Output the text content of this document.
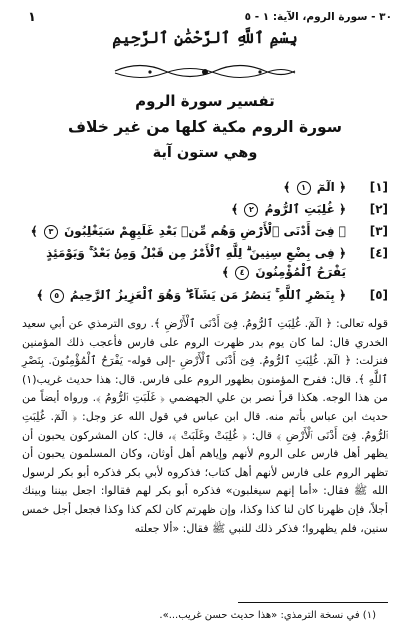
١	٣٠ - سورة الروم، الآية: ١ - ٥
بِسْمِ ٱللَّهِ ٱلرَّحْمَٰنِ ٱلرَّحِيمِ
تفسير سورة الروم
سورة الروم مكية كلها من غير خلاف
وهي ستون آية
[١]
﴿ الٓمٓ ١ ﴾
[٢]
﴿ غُلِبَتِ ٱلرُّومُ ٢ ﴾
[٣]
﴿ فِىٓ أَدْنَى ٱلْأَرْضِ وَهُم مِّنۢ بَعْدِ غَلَبِهِمْ سَيَغْلِبُونَ ٣ ﴾
[٤]
﴿ فِى بِضْعِ سِنِينَ ۗ لِلَّهِ ٱلْأَمْرُ مِن قَبْلُ وَمِنۢ بَعْدُ ۚ وَيَوْمَئِذٍ يَفْرَحُ ٱلْمُؤْمِنُونَ ٤ ﴾
[٥]
﴿ بِنَصْرِ ٱللَّهِ ۚ يَنصُرُ مَن يَشَآءُ ۖ وَهُوَ ٱلْعَزِيزُ ٱلرَّحِيمُ ٥ ﴾

قوله تعالى: ﴿ الٓمٓ. غُلِبَتِ ٱلرُّومُ. فِىٓ أَدْنَى ٱلْأَرْضِ ﴾. روى الترمذي عن أبي سعيد الخدري قال: لما كان يوم بدر ظهرت الروم على فارس فأعجب ذلك المؤمنين فنزلت: ﴿ الٓمٓ. غُلِبَتِ ٱلرُّومُ. فِىٓ أَدْنَى ٱلْأَرْضِ -إلى قوله- يَفْرَحُ ٱلْمُؤْمِنُونَ. بِنَصْرِ ٱللَّهِ ﴾. قال: ففرح المؤمنون بظهور الروم على فارس. قال: هذا حديث غريب(١) من هذا الوجه. هكذا قرأ نصر بن علي الجهضمي ﴿ غَلَبَتِ ٱلرُّومُ ﴾. ورواه أيضاً من حديث ابن عباس بأتم منه. قال ابن عباس في قول الله عز وجل: ﴿ الٓمٓ. غُلِبَتِ ٱلرُّومُ. فِىٓ أَدْنَى ٱلْأَرْضِ ﴾ قال: ﴿ غُلِبَتْ وغَلَبَتْ ﴾، قال: كان المشركون يحبون أن يظهر أهل فارس على الروم لأنهم وإياهم أهل أوثان، وكان المسلمون يحبون أن تظهر الروم على فارس لأنهم أهل كتاب؛ فذكروه لأبي بكر فذكره أبو بكر لرسول الله ﷺ فقال: «أما إنهم سيغلبون» فذكره أبو بكر لهم فقالوا: اجعل بيننا وبينك أجلاً، فإن ظهرنا كان لنا كذا وكذا، وإن ظهرتم كان لكم كذا وكذا فجعل أجل خمس سنين، فلم يظهروا؛ فذكر ذلك للنبي ﷺ فقال: «ألا جعلته

(١) في نسخة الترمذي: «هذا حديث حسن غريب...».
